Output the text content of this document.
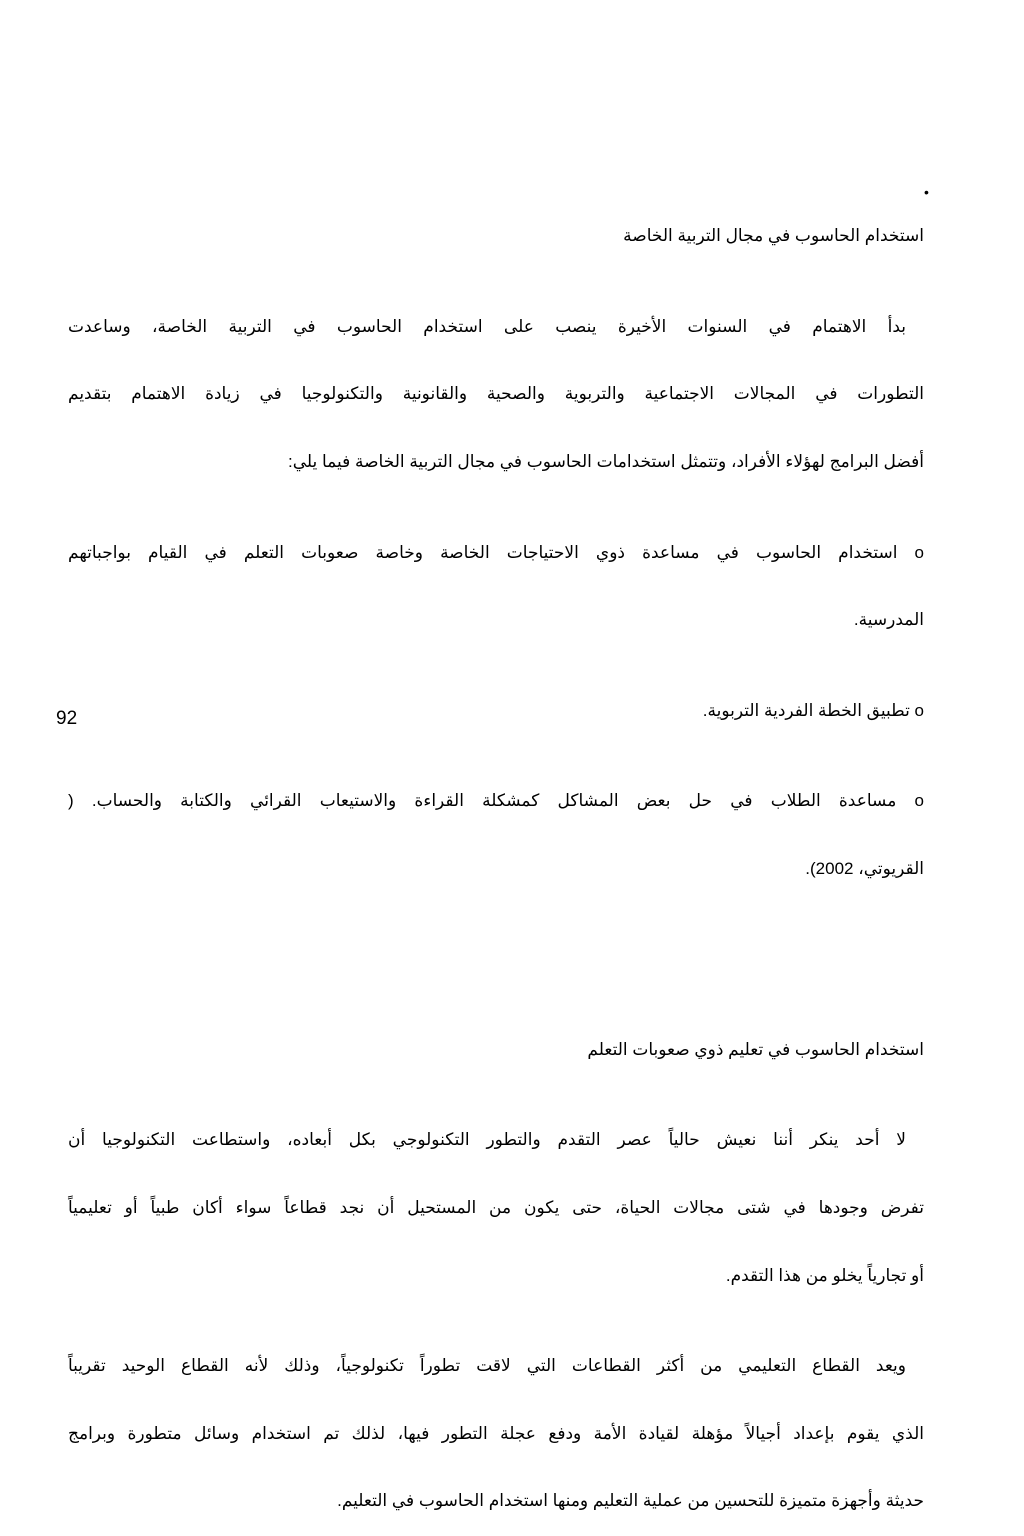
•

استخدام الحاسوب في مجال التربية الخاصة

بدأ الاهتمام في السنوات الأخيرة ينصب على استخدام الحاسوب في التربية الخاصة، وساعدت

التطورات في المجالات الاجتماعية والتربوية والصحية والقانونية والتكنولوجيا في زيادة الاهتمام بتقديم

أفضل البرامج لهؤلاء الأفراد، وتتمثل استخدامات الحاسوب في مجال التربية الخاصة فيما يلي:

o استخدام الحاسوب في مساعدة ذوي الاحتياجات الخاصة وخاصة صعوبات التعلم في القيام بواجباتهم

المدرسية.

o تطبيق الخطة الفردية التربوية.

o مساعدة الطلاب في حل بعض المشاكل كمشكلة القراءة والاستيعاب القرائي والكتابة والحساب. (

القريوتي، 2002).

استخدام الحاسوب في تعليم ذوي صعوبات التعلم

لا أحد ينكر أننا نعيش حالياً عصر التقدم والتطور التكنولوجي بكل أبعاده، واستطاعت التكنولوجيا أن

تفرض وجودها في شتى مجالات الحياة، حتى يكون من المستحيل أن نجد قطاعاً سواء أكان طبياً أو تعليمياً

أو تجارياً يخلو من هذا التقدم.

ويعد القطاع التعليمي من أكثر القطاعات التي لاقت تطوراً تكنولوجياً، وذلك لأنه القطاع الوحيد تقريباً

الذي يقوم بإعداد أجيالاً مؤهلة لقيادة الأمة ودفع عجلة التطور فيها، لذلك تم استخدام وسائل متطورة وبرامج

حديثة وأجهزة متميزة للتحسين من عملية التعليم ومنها استخدام الحاسوب في التعليم.

92
